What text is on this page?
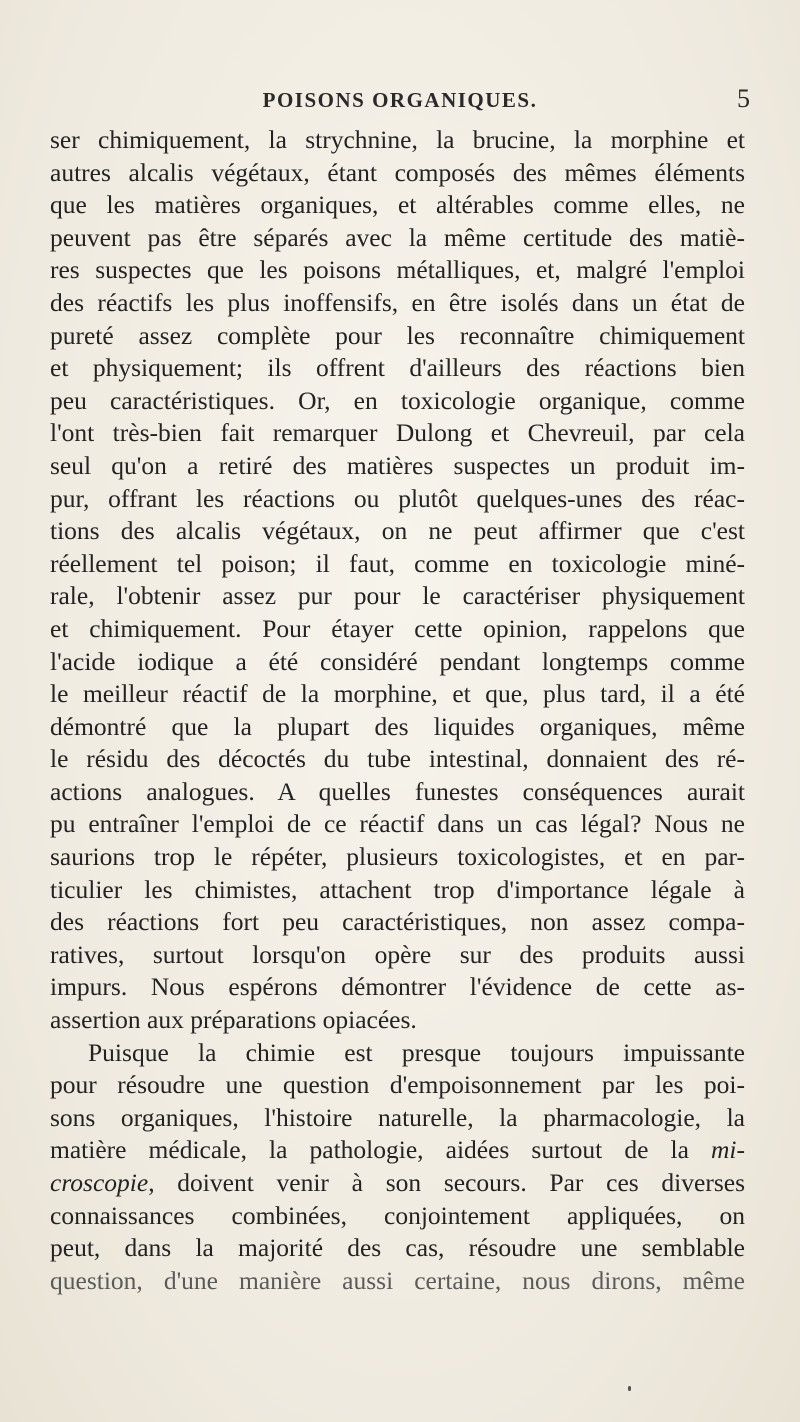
POISONS ORGANIQUES.	5
ser chimiquement, la strychnine, la brucine, la morphine et
autres alcalis végétaux, étant composés des mêmes éléments
que les matières organiques, et altérables comme elles, ne
peuvent pas être séparés avec la même certitude des matiè-
res suspectes que les poisons métalliques, et, malgré l'emploi
des réactifs les plus inoffensifs, en être isolés dans un état de
pureté assez complète pour les reconnaître chimiquement
et physiquement; ils offrent d'ailleurs des réactions bien
peu caractéristiques. Or, en toxicologie organique, comme
l'ont très-bien fait remarquer Dulong et Chevreuil, par cela
seul qu'on a retiré des matières suspectes un produit im-
pur, offrant les réactions ou plutôt quelques-unes des réac-
tions des alcalis végétaux, on ne peut affirmer que c'est
réellement tel poison; il faut, comme en toxicologie miné-
rale, l'obtenir assez pur pour le caractériser physiquement
et chimiquement. Pour étayer cette opinion, rappelons que
l'acide iodique a été considéré pendant longtemps comme
le meilleur réactif de la morphine, et que, plus tard, il a été
démontré que la plupart des liquides organiques, même
le résidu des décoctés du tube intestinal, donnaient des ré-
actions analogues. A quelles funestes conséquences aurait
pu entraîner l'emploi de ce réactif dans un cas légal? Nous ne
saurions trop le répéter, plusieurs toxicologistes, et en par-
ticulier les chimistes, attachent trop d'importance légale à
des réactions fort peu caractéristiques, non assez compa-
ratives, surtout lorsqu'on opère sur des produits aussi
impurs. Nous espérons démontrer l'évidence de cette as-
assertion aux préparations opiacées.
Puisque la chimie est presque toujours impuissante
pour résoudre une question d'empoisonnement par les poi-
sons organiques, l'histoire naturelle, la pharmacologie, la
matière médicale, la pathologie, aidées surtout de la mi-
croscopie, doivent venir à son secours. Par ces diverses
connaissances combinées, conjointement appliquées, on
peut, dans la majorité des cas, résoudre une semblable
question, d'une manière aussi certaine, nous dirons, même
